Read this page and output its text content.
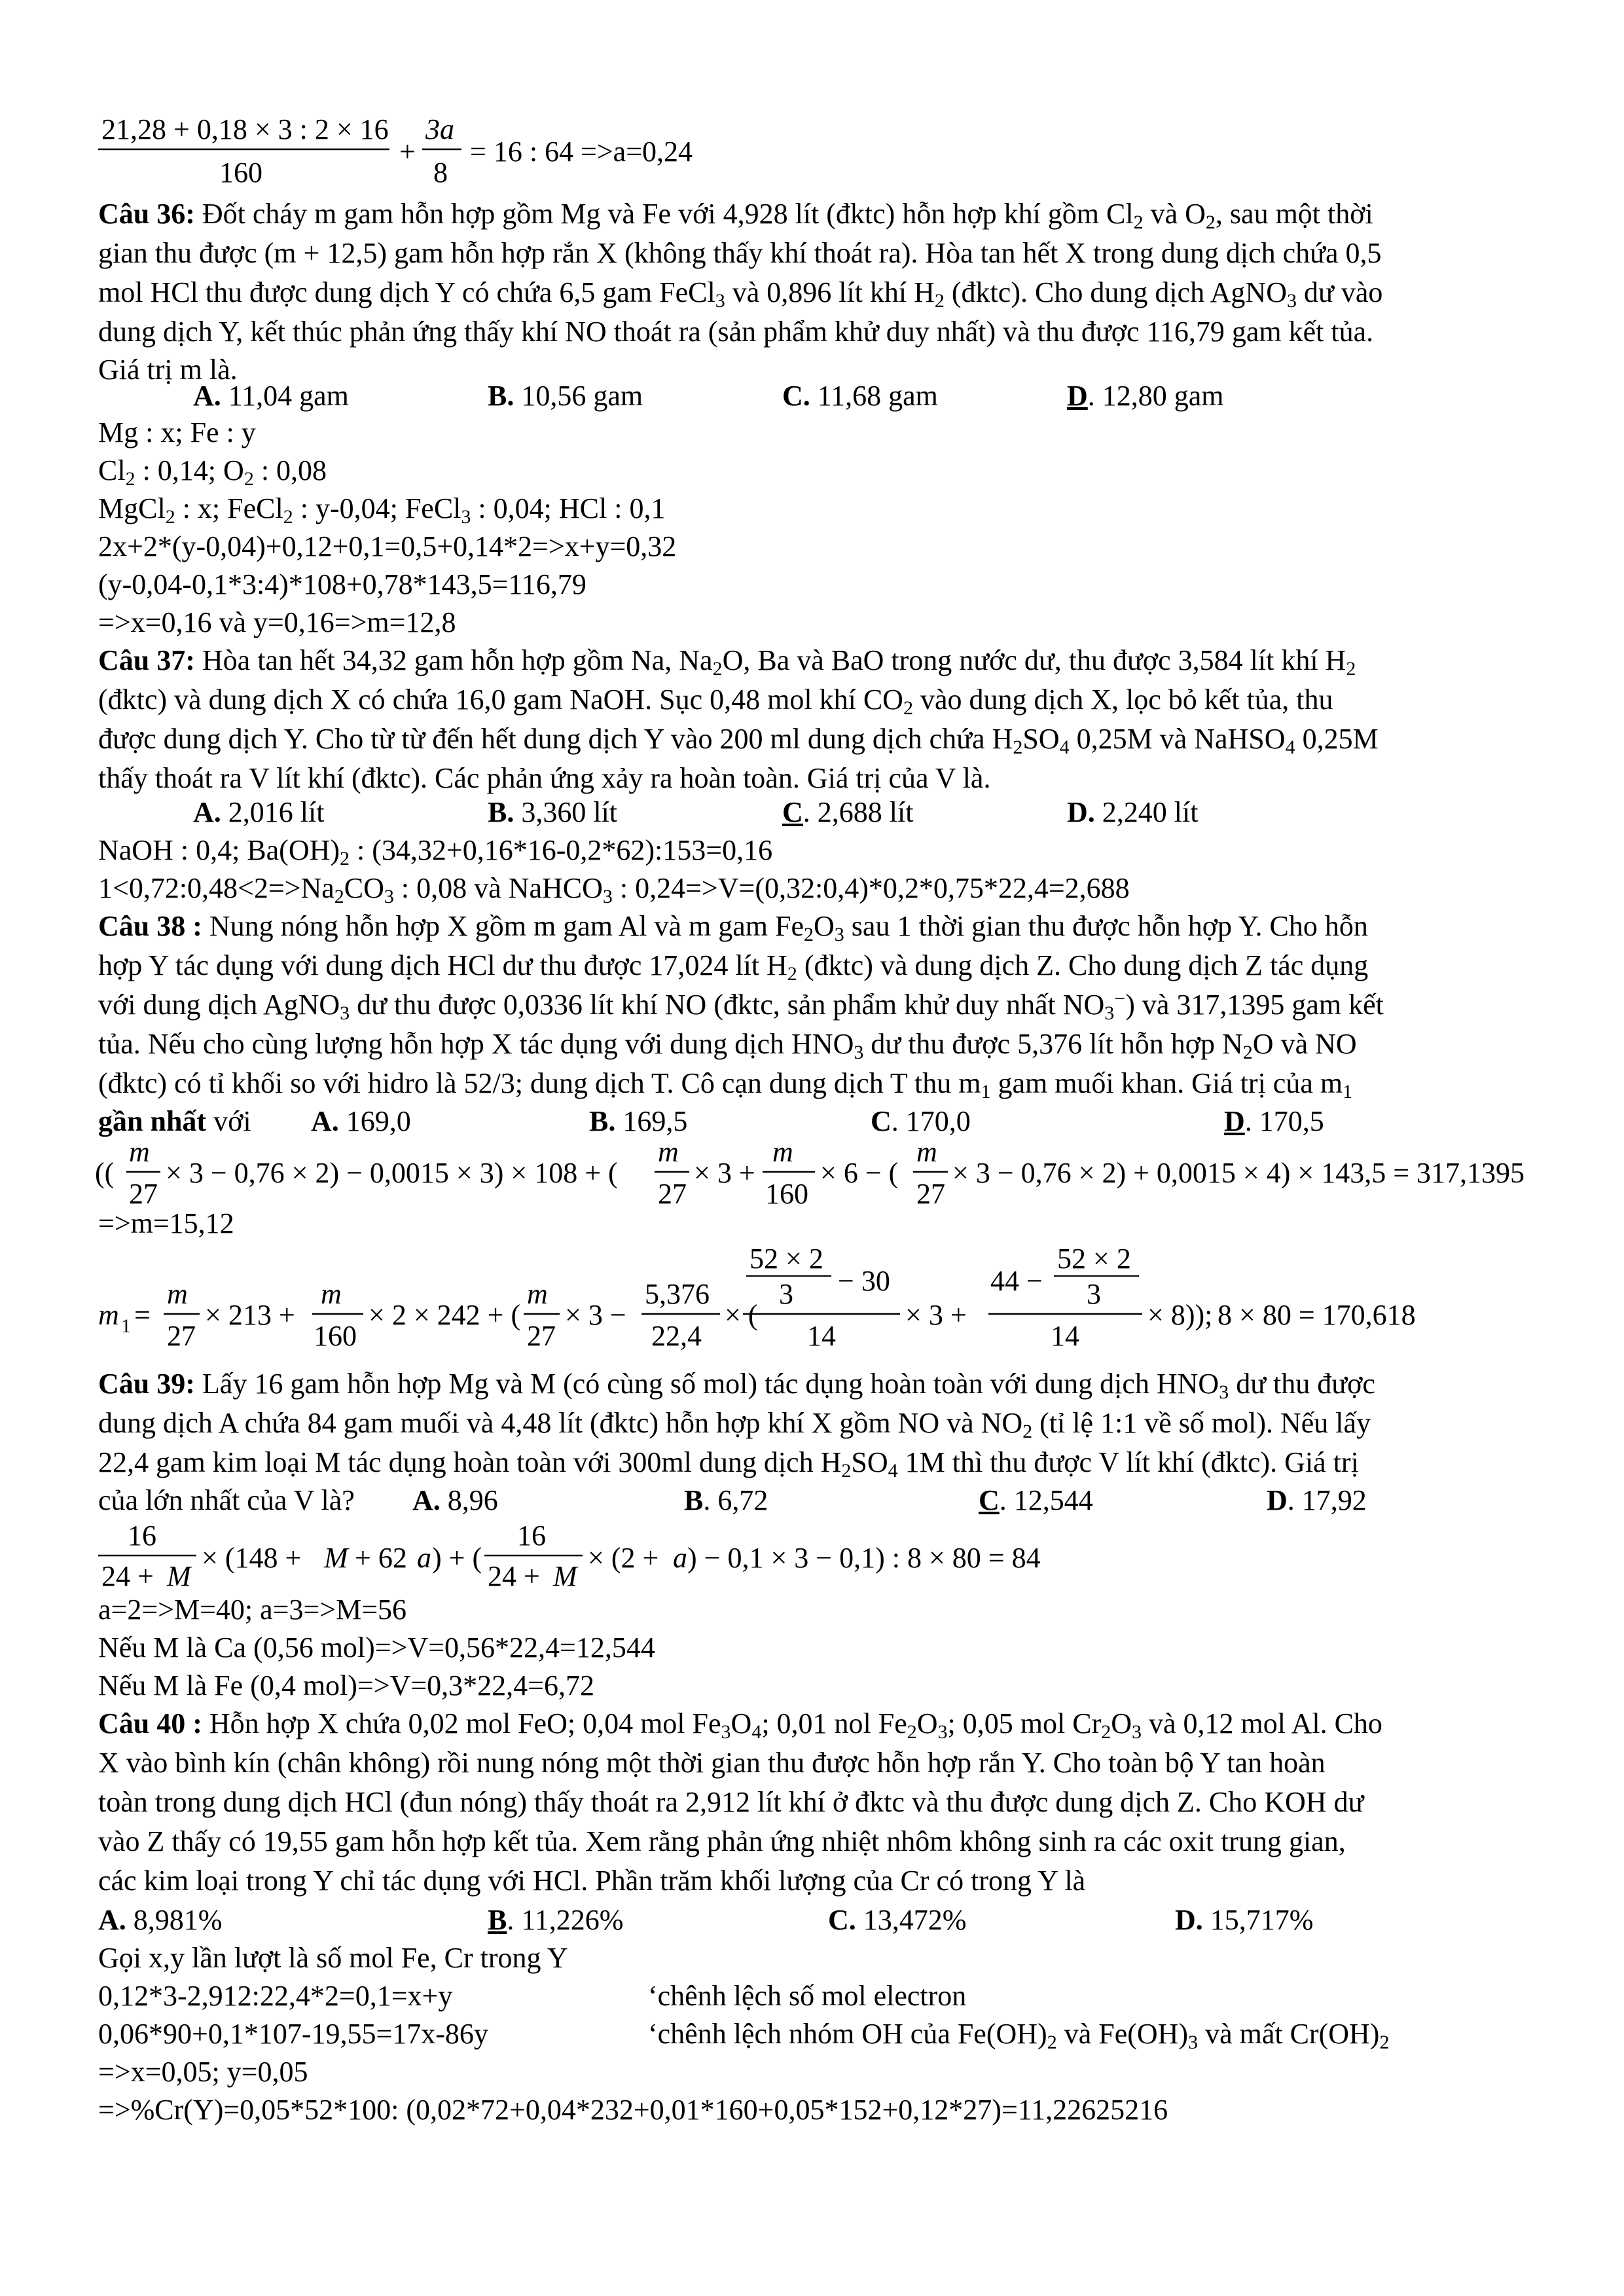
21,28 + 0,18 × 3 : 2 × 16
160
+
3a
8
= 16 : 64 =>a=0,24
Câu 36: Đốt cháy m gam hỗn hợp gồm Mg và Fe với 4,928 lít (đktc) hỗn hợp khí gồm $Cl_2$ và $O_2$, sau một thời
gian thu được (m + 12,5) gam hỗn hợp rắn X (không thấy khí thoát ra). Hòa tan hết X trong dung dịch chứa 0,5
mol HCl thu được dung dịch Y có chứa 6,5 gam FeCl$_3$ và 0,896 lít khí $H_2$ (đktc). Cho dung dịch AgNO$_3$ dư vào
dung dịch Y, kết thúc phản ứng thấy khí NO thoát ra (sản phẩm khử duy nhất) và thu được 116,79 gam kết tủa.
Giá trị m là.
A. 11,04 gam	B. 10,56 gam	C. 11,68 gam	D. 12,80 gam
Mg : x; Fe : y
$Cl_2$ : 0,14; $O_2$ : 0,08
MgCl$_2$ : x; FeCl$_2$ : y-0,04; FeCl$_3$ : 0,04; HCl : 0,1
2x+2*(y-0,04)+0,12+0,1=0,5+0,14*2=>x+y=0,32
(y-0,04-0,1*3:4)*108+0,78*143,5=116,79
=>x=0,16 và y=0,16=>m=12,8
Câu 37: Hòa tan hết 34,32 gam hỗn hợp gồm Na, $Na_2O$, Ba và BaO trong nước dư, thu được 3,584 lít khí $H_2$
(đktc) và dung dịch X có chứa 16,0 gam NaOH. Sục 0,48 mol khí $CO_2$ vào dung dịch X, lọc bỏ kết tủa, thu
được dung dịch Y. Cho từ từ đến hết dung dịch Y vào 200 ml dung dịch chứa $H_2SO_4$ 0,25M và NaHSO$_4$ 0,25M
thấy thoát ra V lít khí (đktc). Các phản ứng xảy ra hoàn toàn. Giá trị của V là.
A. 2,016 lít	B. 3,360 lít	C. 2,688 lít	D. 2,240 lít
NaOH : 0,4; $Ba(OH)_2$ : (34,32+0,16*16-0,2*62):153=0,16
$1<0,72:0,48<2=>Na_2CO_3$ : 0,08 và NaHCO$_3$ : 0,24=>V=(0,32:0,4)*0,2*0,75*22,4=2,688
Câu 38 : Nung nóng hỗn hợp X gồm m gam Al và m gam $Fe_2O_3$ sau 1 thời gian thu được hỗn hợp Y. Cho hỗn
hợp Y tác dụng với dung dịch HCl dư thu được 17,024 lít $H_2$ (đktc) và dung dịch Z. Cho dung dịch Z tác dụng
với dung dịch AgNO$_3$ dư thu được 0,0336 lít khí NO (đktc, sản phẩm khử duy nhất $NO_3^-$) và 317,1395 gam kết
tủa. Nếu cho cùng lượng hỗn hợp X tác dụng với dung dịch $HNO_3$ dư thu được 5,376 lít hỗn hợp $N_2O$ và NO
(đktc) có tỉ khối so với hidro là 52/3; dung dịch T. Cô cạn dung dịch T thu $m_1$ gam muối khan. Giá trị của $m_1$
gần nhất với	A. 169,0	B. 169,5	C. 170,0	D. 170,5
((
m
27
× 3 − 0,76 × 2) − 0,0015 × 3) × 108 + (
m
27
× 3 +
m
160
× 6 − (
m
27
× 3 − 0,76 × 2) + 0,0015 × 4) × 143,5 = 317,1395
=>m=15,12
m 1 =
m
27
× 213 +
m
160
× 2 × 242 + (
m
27
× 3 −
5,376
22,4
× (
52 × 2
3 − 30
14
× 3 +
44 −
52 × 2
3
14
× 8)); 8 × 80 = 170,618
Câu 39: Lấy 16 gam hỗn hợp Mg và M (có cùng số mol) tác dụng hoàn toàn với dung dịch $HNO_3$ dư thu được
dung dịch A chứa 84 gam muối và 4,48 lít (đktc) hỗn hợp khí X gồm NO và $NO_2$ (tỉ lệ 1:1 về số mol). Nếu lấy
22,4 gam kim loại M tác dụng hoàn toàn với 300ml dung dịch $H_2SO_4$ 1M thì thu được V lít khí (đktc). Giá trị
của lớn nhất của V là?	A. 8,96	B. 6,72	C. 12,544	D. 17,92
16
24 + M
× (148 + M + 62 a ) + (
16
24 + M
× (2 + a ) − 0,1 × 3 − 0,1) : 8 × 80 = 84
a=2=>M=40; a=3=>M=56
Nếu M là Ca (0,56 mol)=>V=0,56*22,4=12,544
Nếu M là Fe (0,4 mol)=>V=0,3*22,4=6,72
Câu 40 : Hỗn hợp X chứa 0,02 mol FeO; 0,04 mol $Fe_3O_4$; 0,01 nol $Fe_2O_3$; 0,05 mol $Cr_2O_3$ và 0,12 mol Al. Cho
X vào bình kín (chân không) rồi nung nóng một thời gian thu được hỗn hợp rắn Y. Cho toàn bộ Y tan hoàn
toàn trong dung dịch HCl (đun nóng) thấy thoát ra 2,912 lít khí ở đktc và thu được dung dịch Z. Cho KOH dư
vào Z thấy có 19,55 gam hỗn hợp kết tủa. Xem rằng phản ứng nhiệt nhôm không sinh ra các oxit trung gian,
các kim loại trong Y chỉ tác dụng với HCl. Phần trăm khối lượng của Cr có trong Y là
A. 8,981%	B. 11,226%	C. 13,472%	D. 15,717%
Gọi x,y lần lượt là số mol Fe, Cr trong Y
0,12*3-2,912:22,4*2=0,1=x+y	‘chênh lệch số mol electron
0,06*90+0,1*107-19,55=17x-86y	‘chênh lệch nhóm OH của $Fe(OH)_2$ và $Fe(OH)_3$ và mất $Cr(OH)_2$
=>x=0,05; y=0,05
=>%Cr(Y)=0,05*52*100: (0,02*72+0,04*232+0,01*160+0,05*152+0,12*27)=11,22625216
